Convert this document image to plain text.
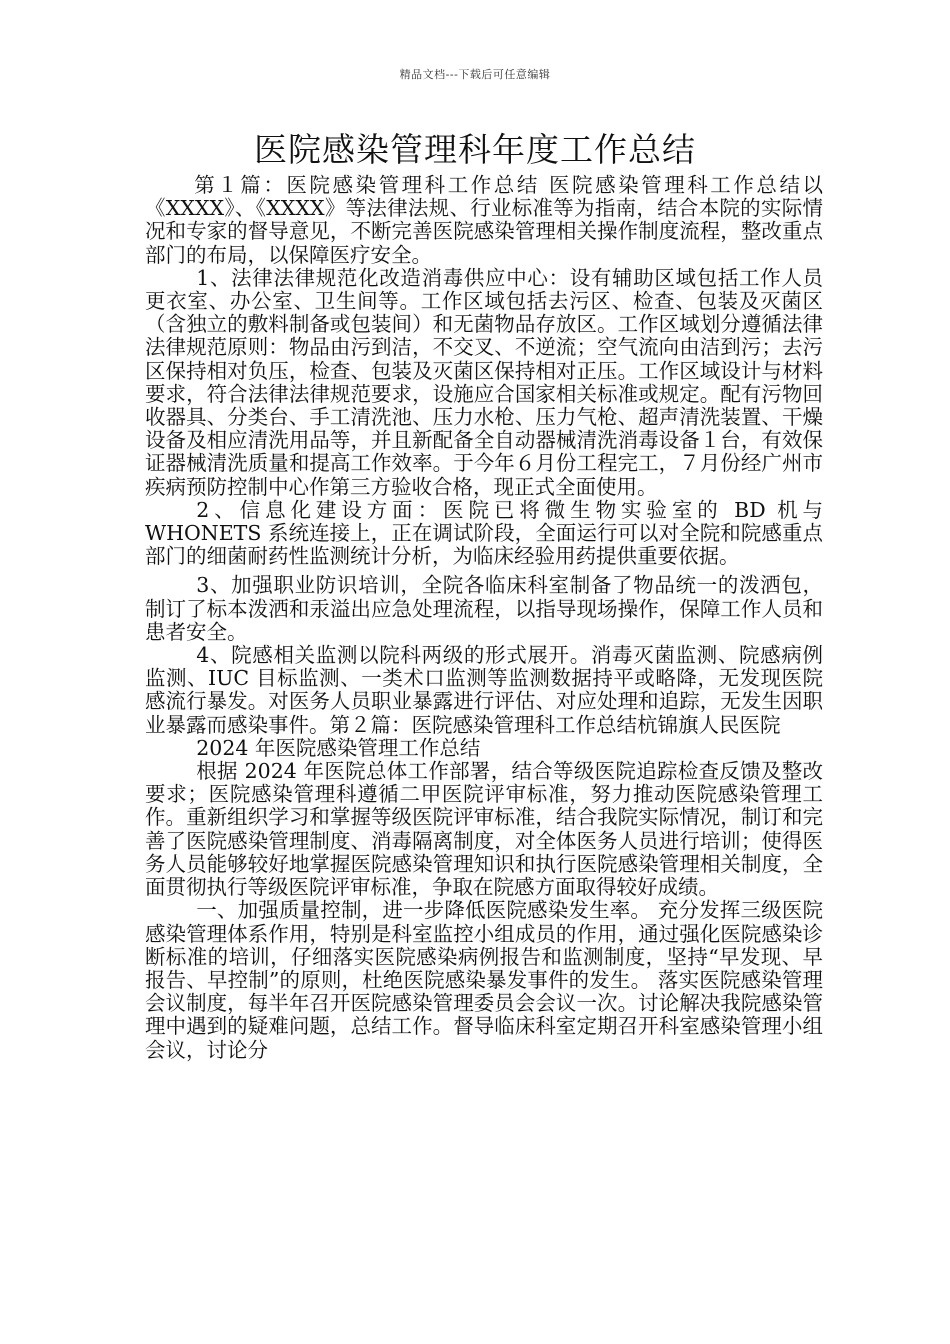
精品文档---下载后可任意编辑
医院感染管理科年度工作总结

第１篇：医院感染管理科工作总结 医院感染管理科工作总结以《XXXX》、《XXXX》等法律法规、行业标准等为指南，结合本院的实际情况和专家的督导意见，不断完善医院感染管理相关操作制度流程，整改重点部门的布局，以保障医疗安全。

1、法律法律规范化改造消毒供应中心：设有辅助区域包括工作人员更衣室、办公室、卫生间等。工作区域包括去污区、检查、包装及灭菌区（含独立的敷料制备或包装间）和无菌物品存放区。工作区域划分遵循法律法律规范原则：物品由污到洁，不交叉、不逆流；空气流向由洁到污；去污区保持相对负压，检查、包装及灭菌区保持相对正压。工作区域设计与材料要求，符合法律法律规范要求，设施应合国家相关标准或规定。配有污物回收器具、分类台、手工清洗池、压力水枪、压力气枪、超声清洗装置、干燥设备及相应清洗用品等，并且新配备全自动器械清洗消毒设备１台，有效保证器械清洗质量和提高工作效率。于今年６月份工程完工，７月份经广州市疾病预防控制中心作第三方验收合格，现正式全面使用。

2、信息化建设方面：医院已将微生物实验室的 BD 机与 WHONETS 系统连接上，正在调试阶段，全面运行可以对全院和院感重点部门的细菌耐药性监测统计分析，为临床经验用药提供重要依据。

3、加强职业防识培训，全院各临床科室制备了物品统一的泼洒包，制订了标本泼洒和汞溢出应急处理流程，以指导现场操作，保障工作人员和患者安全。

4、院感相关监测以院科两级的形式展开。消毒灭菌监测、院感病例监测、IUC 目标监测、一类术口监测等监测数据持平或略降，无发现医院感流行暴发。对医务人员职业暴露进行评估、对应处理和追踪，无发生因职业暴露而感染事件。第２篇：医院感染管理科工作总结杭锦旗人民医院

2024 年医院感染管理工作总结

根据 2024 年医院总体工作部署，结合等级医院追踪检查反馈及整改要求；医院感染管理科遵循二甲医院评审标准，努力推动医院感染管理工作。重新组织学习和掌握等级医院评审标准，结合我院实际情况，制订和完善了医院感染管理制度、消毒隔离制度，对全体医务人员进行培训；使得医务人员能够较好地掌握医院感染管理知识和执行医院感染管理相关制度，全面贯彻执行等级医院评审标准，争取在院感方面取得较好成绩。

一、加强质量控制，进一步降低医院感染发生率。 充分发挥三级医院感染管理体系作用，特别是科室监控小组成员的作用，通过强化医院感染诊断标准的培训，仔细落实医院感染病例报告和监测制度，坚持“早发现、早报告、早控制”的原则，杜绝医院感染暴发事件的发生。 落实医院感染管理会议制度，每半年召开医院感染管理委员会会议一次。讨论解决我院感染管理中遇到的疑难问题，总结工作。督导临床科室定期召开科室感染管理小组会议，讨论分
